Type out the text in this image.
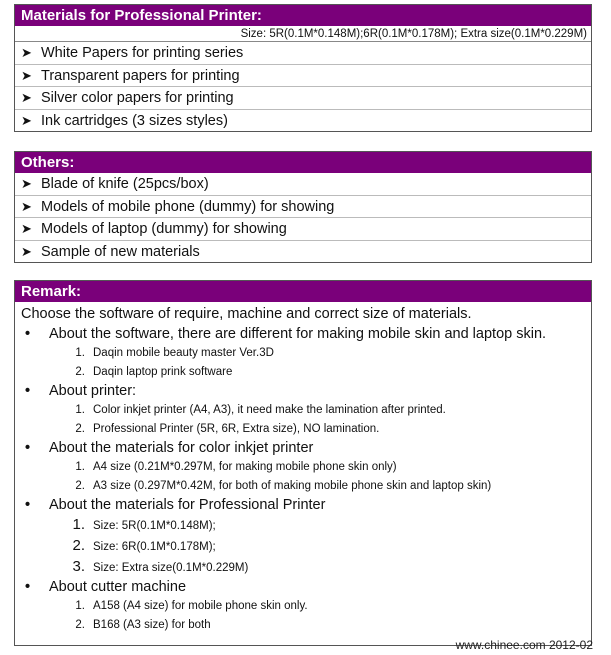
Materials for Professional Printer:
Size: 5R(0.1M*0.148M);6R(0.1M*0.178M); Extra size(0.1M*0.229M)
➤ White Papers for printing series
➤ Transparent papers for printing
➤ Silver color papers for printing
➤ Ink cartridges (3 sizes styles)
Others:
➤ Blade of knife (25pcs/box)
➤ Models of mobile phone (dummy) for showing
➤ Models of laptop (dummy) for showing
➤ Sample of new materials
Remark:
Choose the software of require, machine and correct size of materials.
• About the software, there are different for making mobile skin and laptop skin.
1. Daqin mobile beauty master Ver.3D
2. Daqin laptop prink software
• About printer:
1. Color inkjet printer (A4, A3), it need make the lamination after printed.
2. Professional Printer (5R, 6R, Extra size), NO lamination.
• About the materials for color inkjet printer
1. A4 size (0.21M*0.297M, for making mobile phone skin only)
2. A3 size (0.297M*0.42M, for both of making mobile phone skin and laptop skin)
• About the materials for Professional Printer
1. Size: 5R(0.1M*0.148M);
2. Size: 6R(0.1M*0.178M);
3. Size: Extra size(0.1M*0.229M)
• About cutter machine
1. A158 (A4 size) for mobile phone skin only.
2. B168 (A3 size) for both
www.chinee.com 2012-02
